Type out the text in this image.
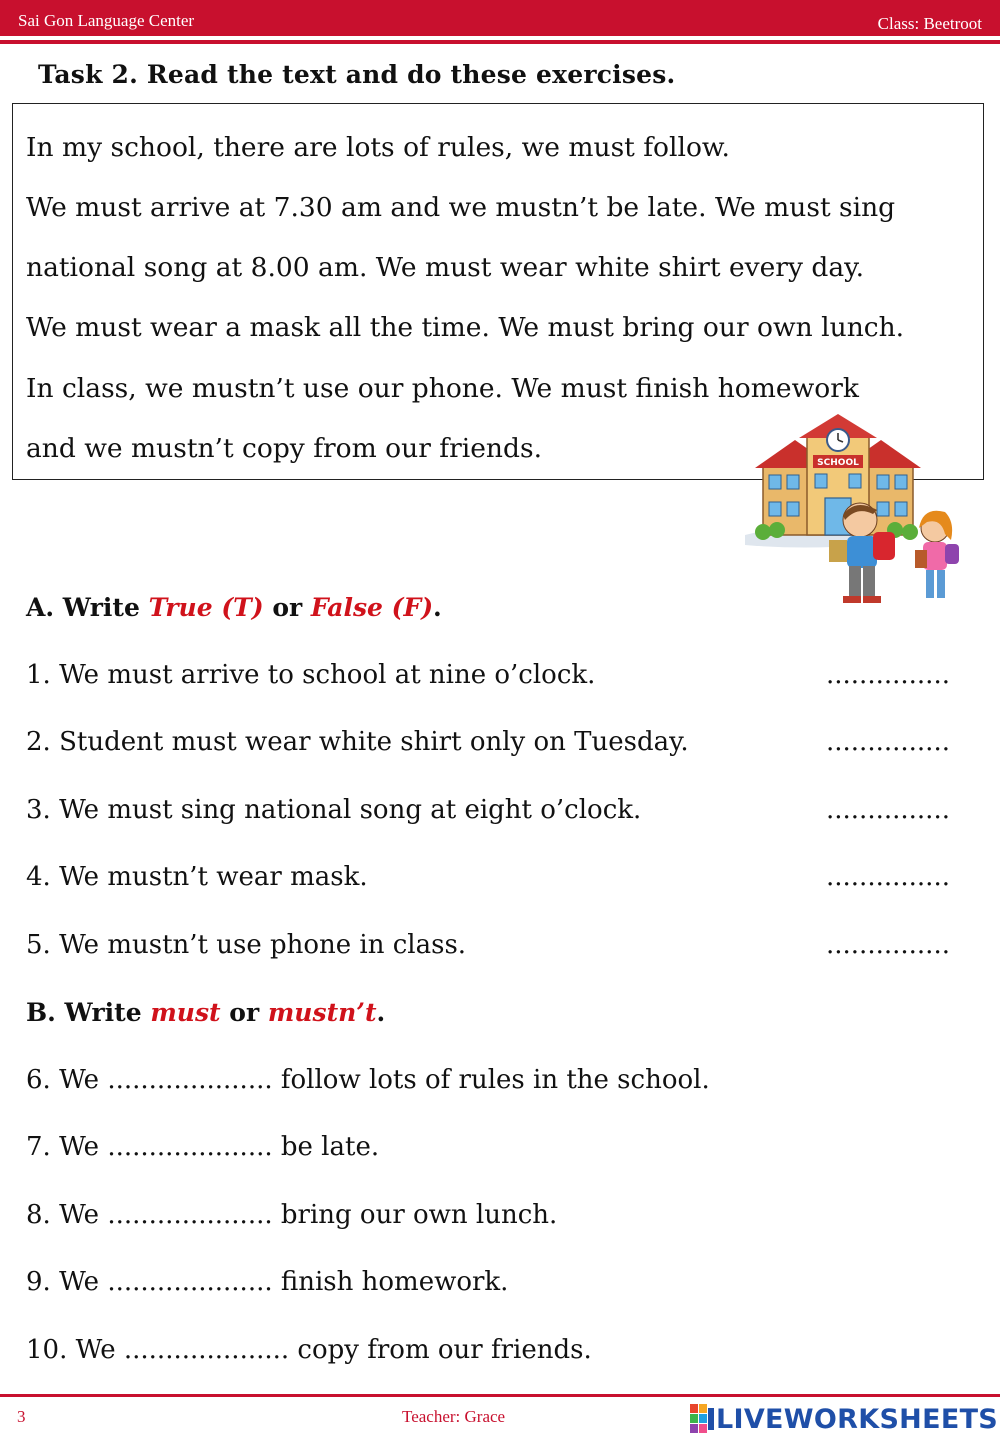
Sai Gon Language Center	Class: Beetroot
Task 2. Read the text and do these exercises.
In my school, there are lots of rules, we must follow.
We must arrive at 7.30 am and we mustn’t be late. We must sing
national song at 8.00 am. We must wear white shirt every day.
We must wear a mask all the time. We must bring our own lunch.
In class, we mustn’t use our phone. We must finish homework
and we mustn’t copy from our friends.	SCHOOL
A. Write True (T) or False (F).
1. We must arrive to school at nine o’clock.	...............
2. Student must wear white shirt only on Tuesday.	...............
3. We must sing national song at eight o’clock.	...............
4. We mustn’t wear mask.	...............
5. We mustn’t use phone in class.	...............
B. Write must or mustn’t.
6. We .................... follow lots of rules in the school.
7. We .................... be late.
8. We .................... bring our own lunch.
9. We .................... finish homework.
10. We .................... copy from our friends.
3	Teacher: Grace	LIVEWORKSHEETS
